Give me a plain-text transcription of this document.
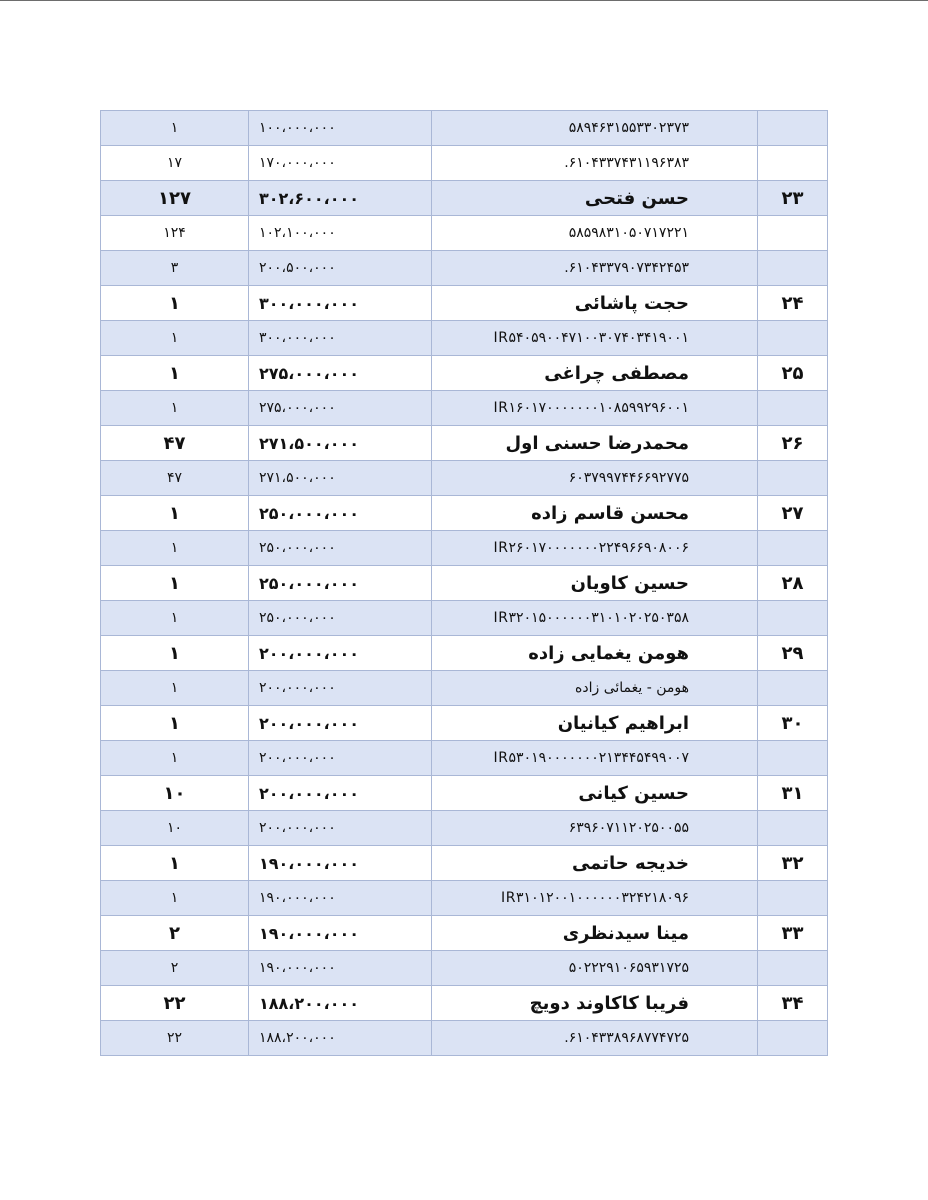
۱	۱۰۰،۰۰۰،۰۰۰	۵۸۹۴۶۳۱۵۵۳۳۰۲۳۷۳	
۱۷	۱۷۰،۰۰۰،۰۰۰	۶۱۰۴۳۳۷۴۳۱۱۹۶۳۸۳.	
۱۲۷	۳۰۲،۶۰۰،۰۰۰	حسن فتحی	۲۳
۱۲۴	۱۰۲،۱۰۰،۰۰۰	۵۸۵۹۸۳۱۰۵۰۷۱۷۲۲۱	
۳	۲۰۰،۵۰۰،۰۰۰	۶۱۰۴۳۳۷۹۰۷۳۴۲۴۵۳.	
۱	۳۰۰،۰۰۰،۰۰۰	حجت پاشائی	۲۴
۱	۳۰۰،۰۰۰،۰۰۰	IR۵۴۰۵۹۰۰۴۷۱۰۰۳۰۷۴۰۳۴۱۹۰۰۱	
۱	۲۷۵،۰۰۰،۰۰۰	مصطفی چراغی	۲۵
۱	۲۷۵،۰۰۰،۰۰۰	IR۱۶۰۱۷۰۰۰۰۰۰۰۱۰۸۵۹۹۲۹۶۰۰۱	
۴۷	۲۷۱،۵۰۰،۰۰۰	محمدرضا حسنی اول	۲۶
۴۷	۲۷۱،۵۰۰،۰۰۰	۶۰۳۷۹۹۷۴۴۶۶۹۲۷۷۵	
۱	۲۵۰،۰۰۰،۰۰۰	محسن قاسم زاده	۲۷
۱	۲۵۰،۰۰۰،۰۰۰	IR۲۶۰۱۷۰۰۰۰۰۰۰۲۲۴۹۶۶۹۰۸۰۰۶	
۱	۲۵۰،۰۰۰،۰۰۰	حسین کاویان	۲۸
۱	۲۵۰،۰۰۰،۰۰۰	IR۳۲۰۱۵۰۰۰۰۰۰۳۱۰۱۰۲۰۲۵۰۳۵۸	
۱	۲۰۰،۰۰۰،۰۰۰	هومن یغمایی زاده	۲۹
۱	۲۰۰،۰۰۰،۰۰۰	هومن - یغمائی زاده	
۱	۲۰۰،۰۰۰،۰۰۰	ابراهیم کیانیان	۳۰
۱	۲۰۰،۰۰۰،۰۰۰	IR۵۳۰۱۹۰۰۰۰۰۰۰۲۱۳۴۴۵۴۹۹۰۰۷	
۱۰	۲۰۰،۰۰۰،۰۰۰	حسین کیانی	۳۱
۱۰	۲۰۰،۰۰۰،۰۰۰	۶۳۹۶۰۷۱۱۲۰۲۵۰۰۵۵	
۱	۱۹۰،۰۰۰،۰۰۰	خدیجه حاتمی	۳۲
۱	۱۹۰،۰۰۰،۰۰۰	IR۳۱۰۱۲۰۰۱۰۰۰۰۰۰۳۲۴۲۱۸۰۹۶	
۲	۱۹۰،۰۰۰،۰۰۰	مینا سیدنظری	۳۳
۲	۱۹۰،۰۰۰،۰۰۰	۵۰۲۲۲۹۱۰۶۵۹۳۱۷۲۵	
۲۲	۱۸۸،۲۰۰،۰۰۰	فریبا کاکاوند دویچ	۳۴
۲۲	۱۸۸،۲۰۰،۰۰۰	۶۱۰۴۳۳۸۹۶۸۷۷۴۷۲۵.	
